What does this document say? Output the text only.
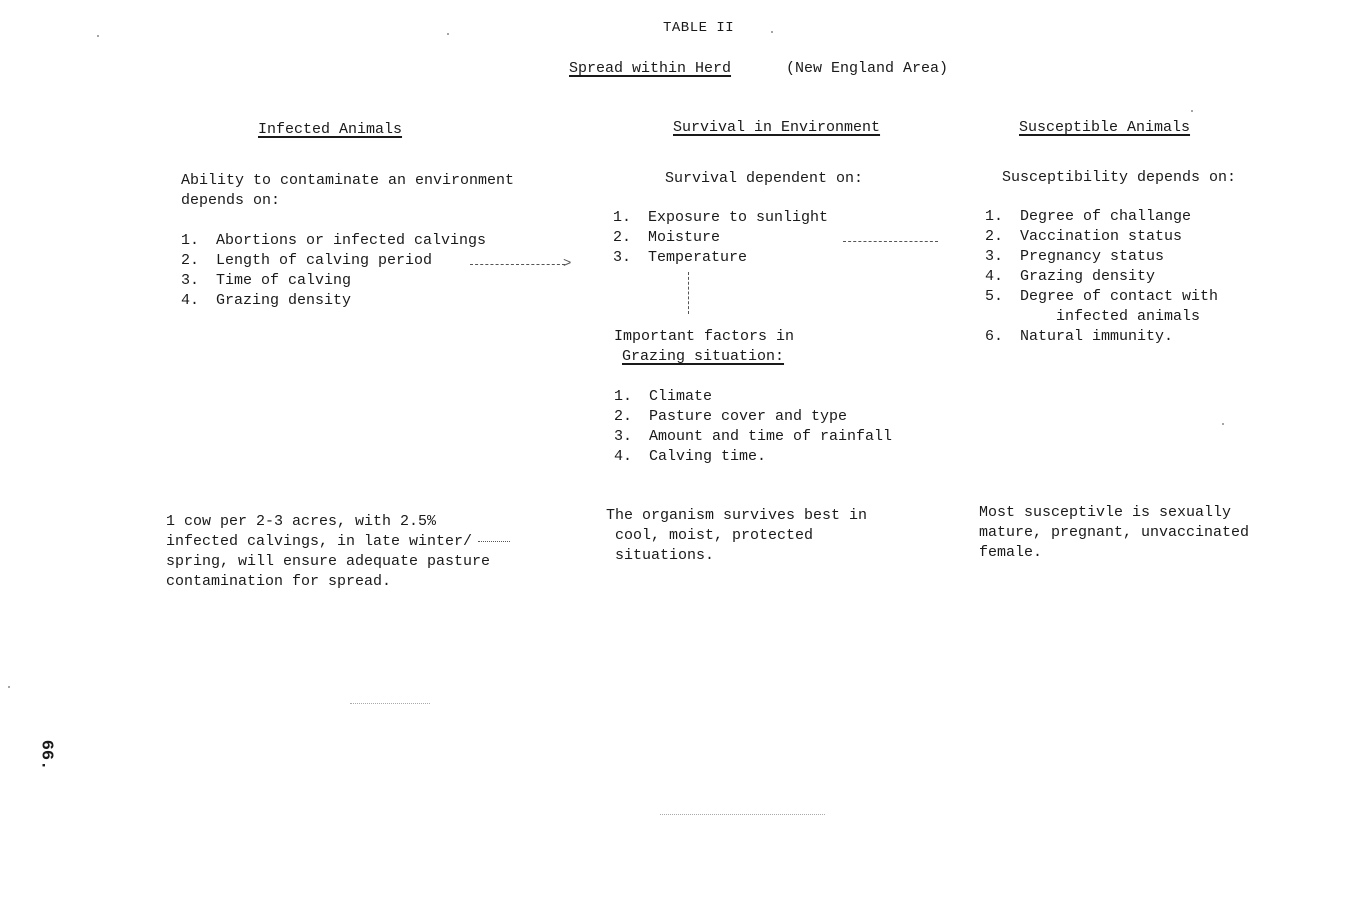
TABLE II
Spread within Herd	(New England Area)
Infected Animals
Ability to contaminate an environment
depends on:
1.	Abortions or infected calvings
2.	Length of calving period
3.	Time of calving
4.	Grazing density
>
1 cow per 2-3 acres, with 2.5%
infected calvings, in late winter/
spring, will ensure adequate pasture
contamination for spread.
Survival in Environment
Survival dependent on:
1.	Exposure to sunlight
2.	Moisture
3.	Temperature
Important factors in
Grazing situation:
1.	Climate
2.	Pasture cover and type
3.	Amount and time of rainfall
4.	Calving time.
The organism survives best in
cool, moist, protected
situations.
Susceptible Animals
Susceptibility depends on:
1.	Degree of challange
2.	Vaccination status
3.	Pregnancy status
4.	Grazing density
5.	Degree of contact with
infected animals
6.	Natural immunity.
Most susceptivle is sexually
mature, pregnant, unvaccinated
female.
66.
